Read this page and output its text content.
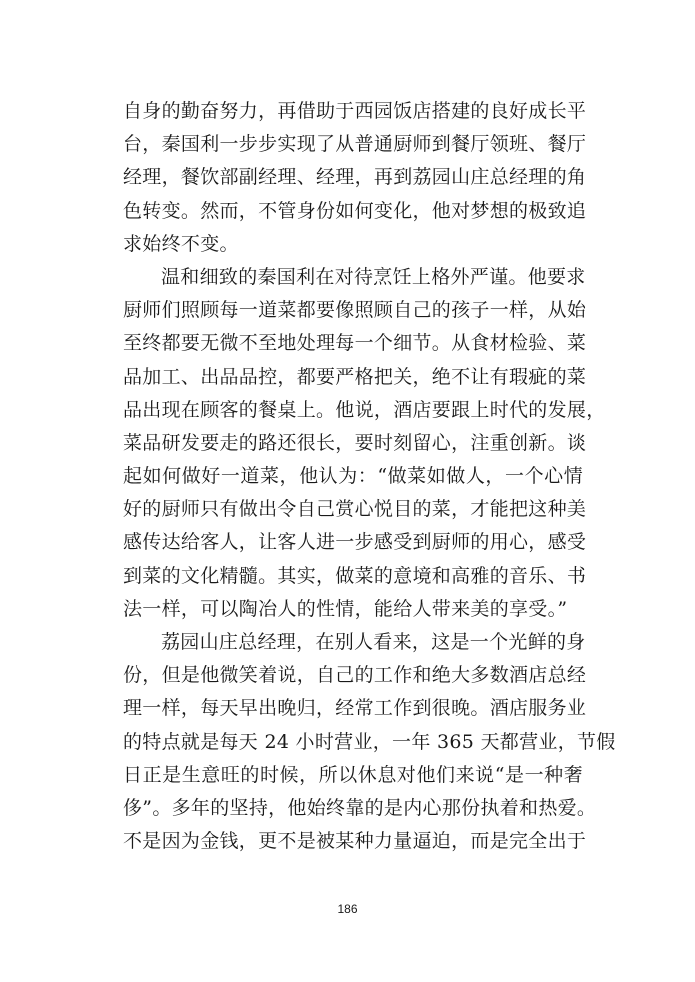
自身的勤奋努力，再借助于西园饭店搭建的良好成长平
台，秦国利一步步实现了从普通厨师到餐厅领班、餐厅
经理，餐饮部副经理、经理，再到荔园山庄总经理的角
色转变。然而，不管身份如何变化，他对梦想的极致追
求始终不变。
温和细致的秦国利在对待烹饪上格外严谨。他要求
厨师们照顾每一道菜都要像照顾自己的孩子一样，从始
至终都要无微不至地处理每一个细节。从食材检验、菜
品加工、出品品控，都要严格把关，绝不让有瑕疵的菜
品出现在顾客的餐桌上。他说，酒店要跟上时代的发展，
菜品研发要走的路还很长，要时刻留心，注重创新。谈
起如何做好一道菜，他认为：“做菜如做人，一个心情
好的厨师只有做出令自己赏心悦目的菜，才能把这种美
感传达给客人，让客人进一步感受到厨师的用心，感受
到菜的文化精髓。其实，做菜的意境和高雅的音乐、书
法一样，可以陶冶人的性情，能给人带来美的享受。”
荔园山庄总经理，在别人看来，这是一个光鲜的身
份，但是他微笑着说，自己的工作和绝大多数酒店总经
理一样，每天早出晚归，经常工作到很晚。酒店服务业
的特点就是每天 24 小时营业，一年 365 天都营业，节假
日正是生意旺的时候，所以休息对他们来说“是一种奢
侈”。多年的坚持，他始终靠的是内心那份执着和热爱。
不是因为金钱，更不是被某种力量逼迫，而是完全出于
186
